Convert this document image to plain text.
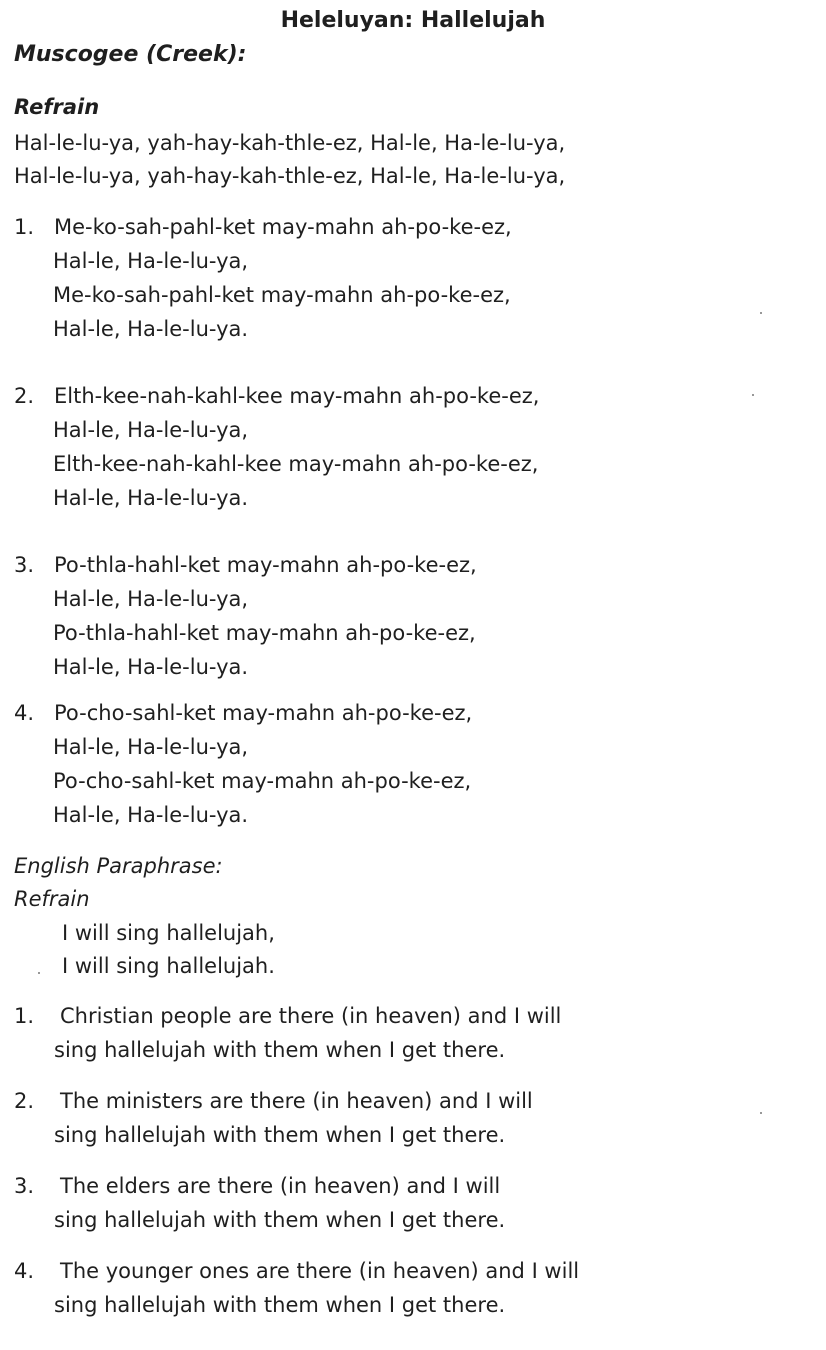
Heleluyan: Hallelujah
Muscogee (Creek):
Refrain
Hal-le-lu-ya, yah-hay-kah-thle-ez, Hal-le, Ha-le-lu-ya,
Hal-le-lu-ya, yah-hay-kah-thle-ez, Hal-le, Ha-le-lu-ya,
1. Me-ko-sah-pahl-ket may-mahn ah-po-ke-ez,
Hal-le, Ha-le-lu-ya,
Me-ko-sah-pahl-ket may-mahn ah-po-ke-ez,
Hal-le, Ha-le-lu-ya.
2. Elth-kee-nah-kahl-kee may-mahn ah-po-ke-ez,
Hal-le, Ha-le-lu-ya,
Elth-kee-nah-kahl-kee may-mahn ah-po-ke-ez,
Hal-le, Ha-le-lu-ya.
3. Po-thla-hahl-ket may-mahn ah-po-ke-ez,
Hal-le, Ha-le-lu-ya,
Po-thla-hahl-ket may-mahn ah-po-ke-ez,
Hal-le, Ha-le-lu-ya.
4. Po-cho-sahl-ket may-mahn ah-po-ke-ez,
Hal-le, Ha-le-lu-ya,
Po-cho-sahl-ket may-mahn ah-po-ke-ez,
Hal-le, Ha-le-lu-ya.
English Paraphrase:
Refrain
I will sing hallelujah,
I will sing hallelujah.
1. Christian people are there (in heaven) and I will
sing hallelujah with them when I get there.
2. The ministers are there (in heaven) and I will
sing hallelujah with them when I get there.
3. The elders are there (in heaven) and I will
sing hallelujah with them when I get there.
4. The younger ones are there (in heaven) and I will
sing hallelujah with them when I get there.
